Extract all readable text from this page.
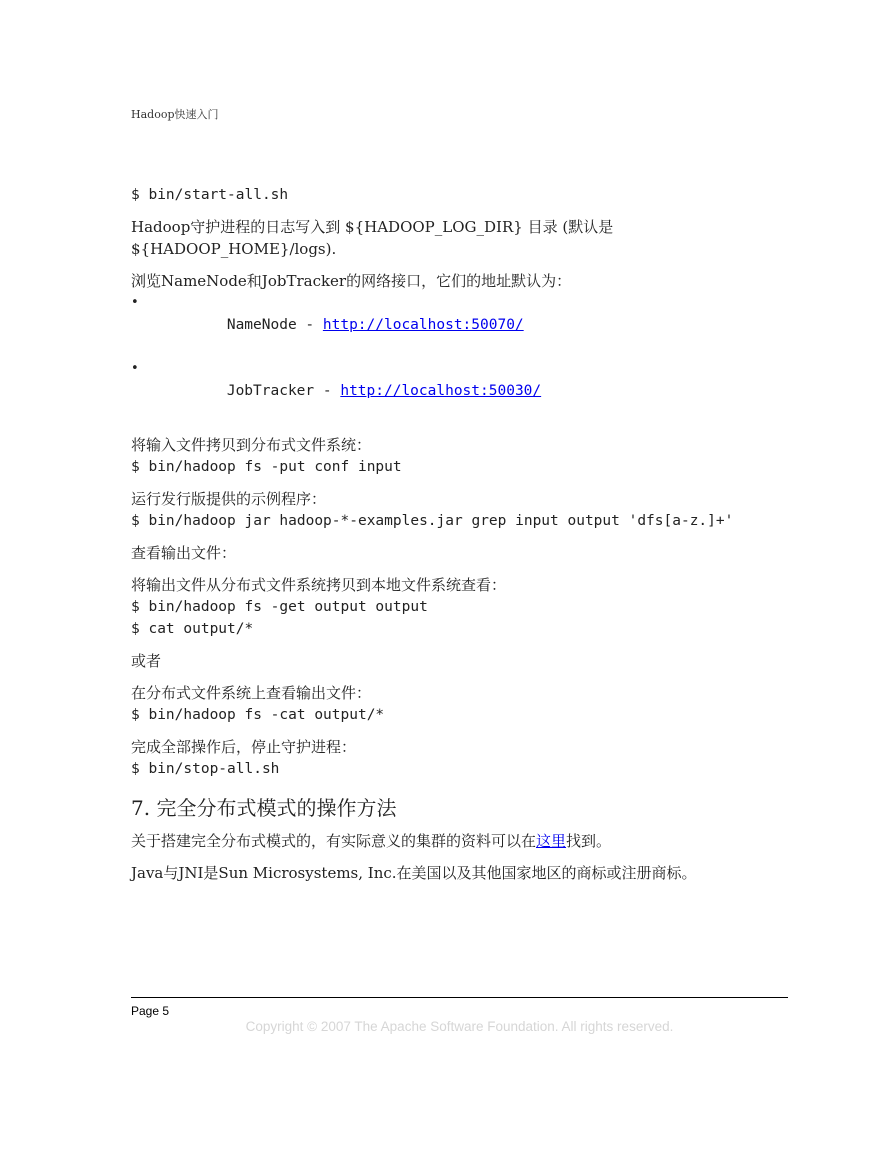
Hadoop快速入门
$ bin/start-all.sh
Hadoop守护进程的日志写入到 ${HADOOP_LOG_DIR} 目录 (默认是
${HADOOP_HOME}/logs).
浏览NameNode和JobTracker的网络接口，它们的地址默认为：

•
NameNode - http://localhost:50070/

•
JobTracker - http://localhost:50030/

将输入文件拷贝到分布式文件系统：
$ bin/hadoop fs -put conf input
运行发行版提供的示例程序：
$ bin/hadoop jar hadoop-*-examples.jar grep input output 'dfs[a-z.]+'
查看输出文件：
将输出文件从分布式文件系统拷贝到本地文件系统查看：
$ bin/hadoop fs -get output output
$ cat output/*
或者
在分布式文件系统上查看输出文件：
$ bin/hadoop fs -cat output/*
完成全部操作后，停止守护进程：
$ bin/stop-all.sh
7. 完全分布式模式的操作方法
关于搭建完全分布式模式的，有实际意义的集群的资料可以在这里找到。
Java与JNI是Sun Microsystems, Inc.在美国以及其他国家地区的商标或注册商标。
Page 5
Copyright © 2007 The Apache Software Foundation. All rights reserved.
